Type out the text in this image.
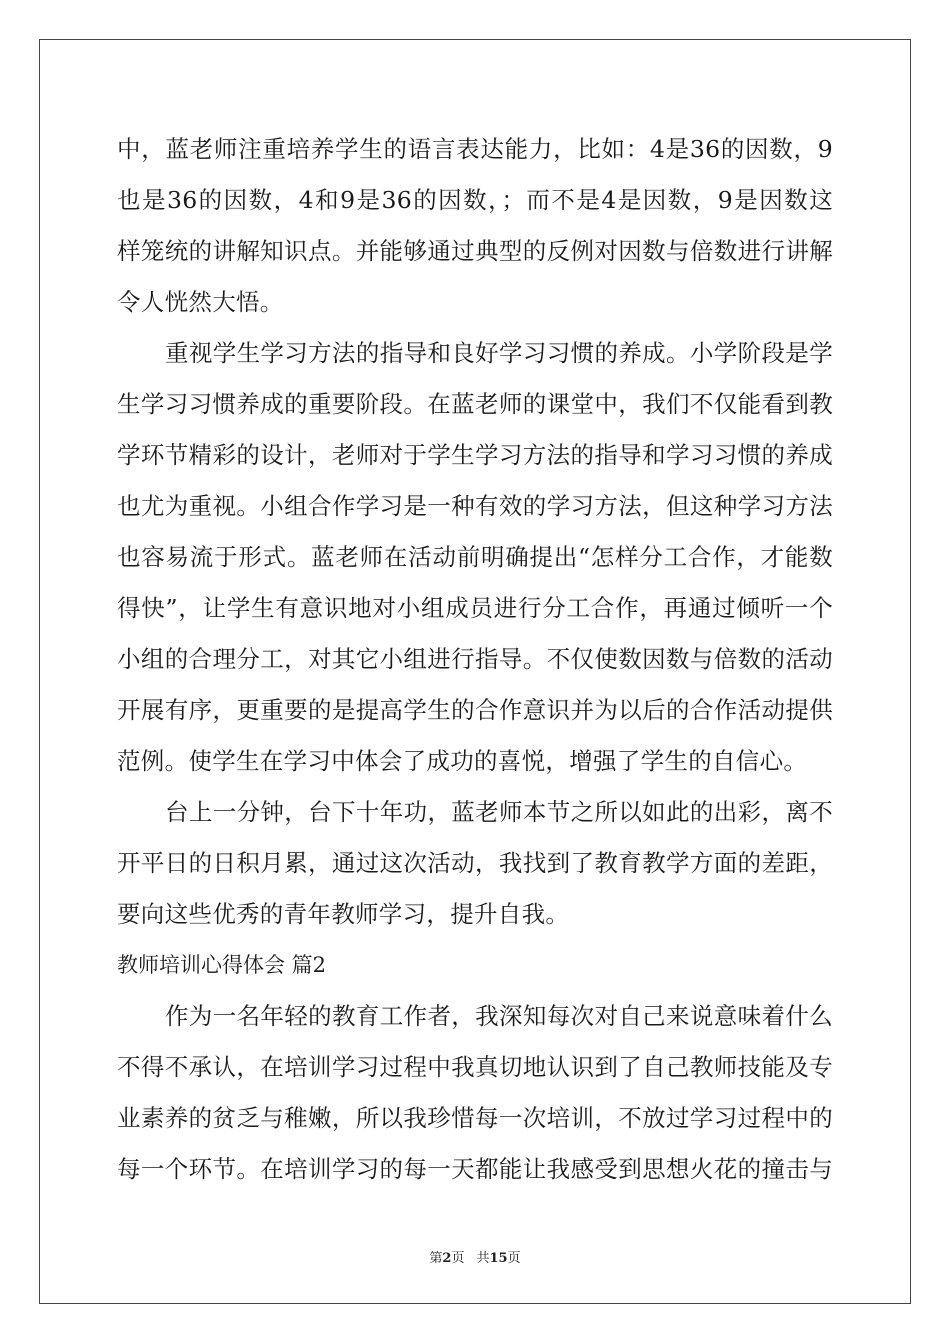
中，蓝老师注重培养学生的语言表达能力，比如：4是36的因数，9
也是36的因数，4和9是36的因数，；而不是4是因数，9是因数这
样笼统的讲解知识点。并能够通过典型的反例对因数与倍数进行讲解
令人恍然大悟。
重视学生学习方法的指导和良好学习习惯的养成。小学阶段是学
生学习习惯养成的重要阶段。在蓝老师的课堂中，我们不仅能看到教
学环节精彩的设计，老师对于学生学习方法的指导和学习习惯的养成
也尤为重视。小组合作学习是一种有效的学习方法，但这种学习方法
也容易流于形式。蓝老师在活动前明确提出“怎样分工合作，才能数
得快”，让学生有意识地对小组成员进行分工合作，再通过倾听一个
小组的合理分工，对其它小组进行指导。不仅使数因数与倍数的活动
开展有序，更重要的是提高学生的合作意识并为以后的合作活动提供
范例。使学生在学习中体会了成功的喜悦，增强了学生的自信心。
台上一分钟，台下十年功，蓝老师本节之所以如此的出彩，离不
开平日的日积月累，通过这次活动，我找到了教育教学方面的差距，
要向这些优秀的青年教师学习，提升自我。
教师培训心得体会 篇2
作为一名年轻的教育工作者，我深知每次对自己来说意味着什么
不得不承认，在培训学习过程中我真切地认识到了自己教师技能及专
业素养的贫乏与稚嫩，所以我珍惜每一次培训，不放过学习过程中的
每一个环节。在培训学习的每一天都能让我感受到思想火花的撞击与
第2页 共15页
